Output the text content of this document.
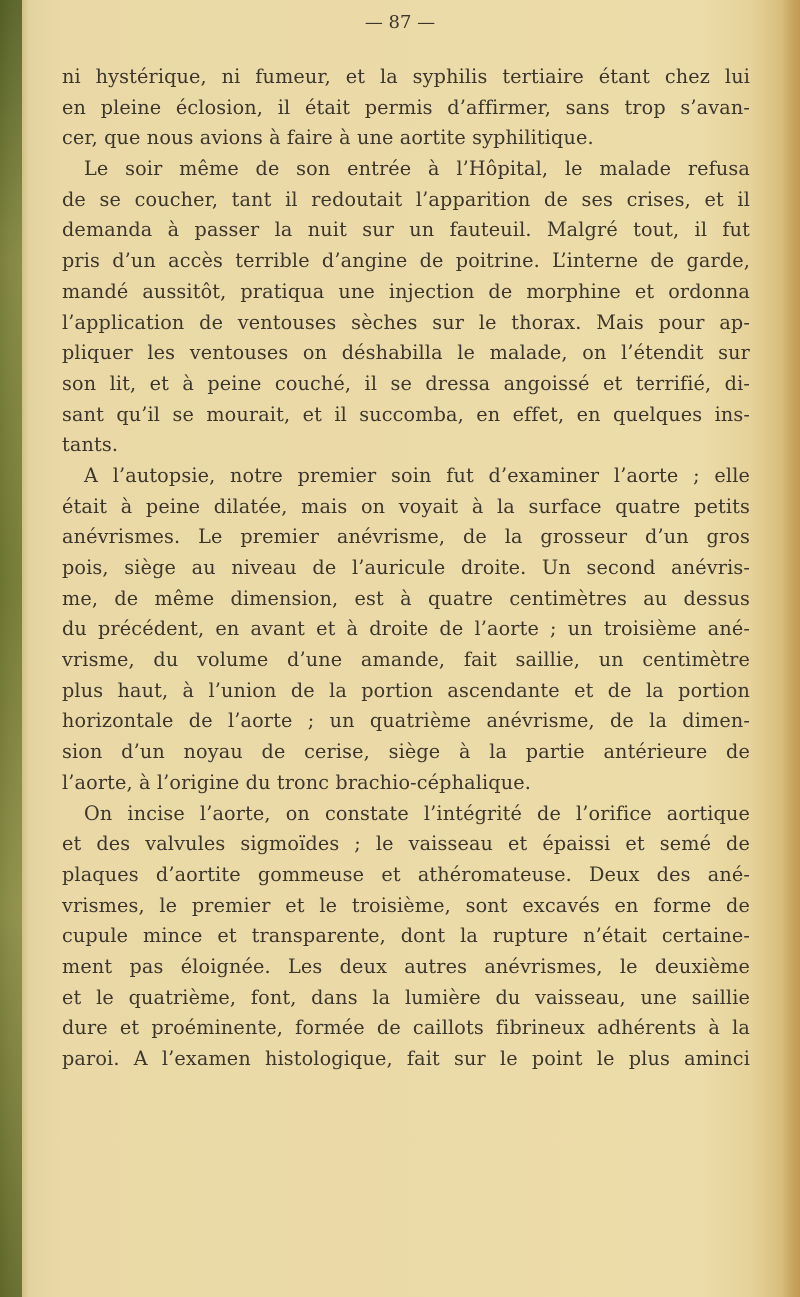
— 87 —
ni hystérique, ni fumeur, et la syphilis tertiaire étant chez lui
en pleine éclosion, il était permis d’affirmer, sans trop s’avan-
cer, que nous avions à faire à une aortite syphilitique.
Le soir même de son entrée à l’Hôpital, le malade refusa
de se coucher, tant il redoutait l’apparition de ses crises, et il
demanda à passer la nuit sur un fauteuil. Malgré tout, il fut
pris d’un accès terrible d’angine de poitrine. L’interne de garde,
mandé aussitôt, pratiqua une injection de morphine et ordonna
l’application de ventouses sèches sur le thorax. Mais pour ap-
pliquer les ventouses on déshabilla le malade, on l’étendit sur
son lit, et à peine couché, il se dressa angoissé et terrifié, di-
sant qu’il se mourait, et il succomba, en effet, en quelques ins-
tants.
A l’autopsie, notre premier soin fut d’examiner l’aorte ; elle
était à peine dilatée, mais on voyait à la surface quatre petits
anévrismes. Le premier anévrisme, de la grosseur d’un gros
pois, siège au niveau de l’auricule droite. Un second anévris-
me, de même dimension, est à quatre centimètres au dessus
du précédent, en avant et à droite de l’aorte ; un troisième ané-
vrisme, du volume d’une amande, fait saillie, un centimètre
plus haut, à l’union de la portion ascendante et de la portion
horizontale de l’aorte ; un quatrième anévrisme, de la dimen-
sion d’un noyau de cerise, siège à la partie antérieure de
l’aorte, à l’origine du tronc brachio-céphalique.
On incise l’aorte, on constate l’intégrité de l’orifice aortique
et des valvules sigmoïdes ; le vaisseau et épaissi et semé de
plaques d’aortite gommeuse et athéromateuse. Deux des ané-
vrismes, le premier et le troisième, sont excavés en forme de
cupule mince et transparente, dont la rupture n’était certaine-
ment pas éloignée. Les deux autres anévrismes, le deuxième
et le quatrième, font, dans la lumière du vaisseau, une saillie
dure et proéminente, formée de caillots fibrineux adhérents à la
paroi. A l’examen histologique, fait sur le point le plus aminci
